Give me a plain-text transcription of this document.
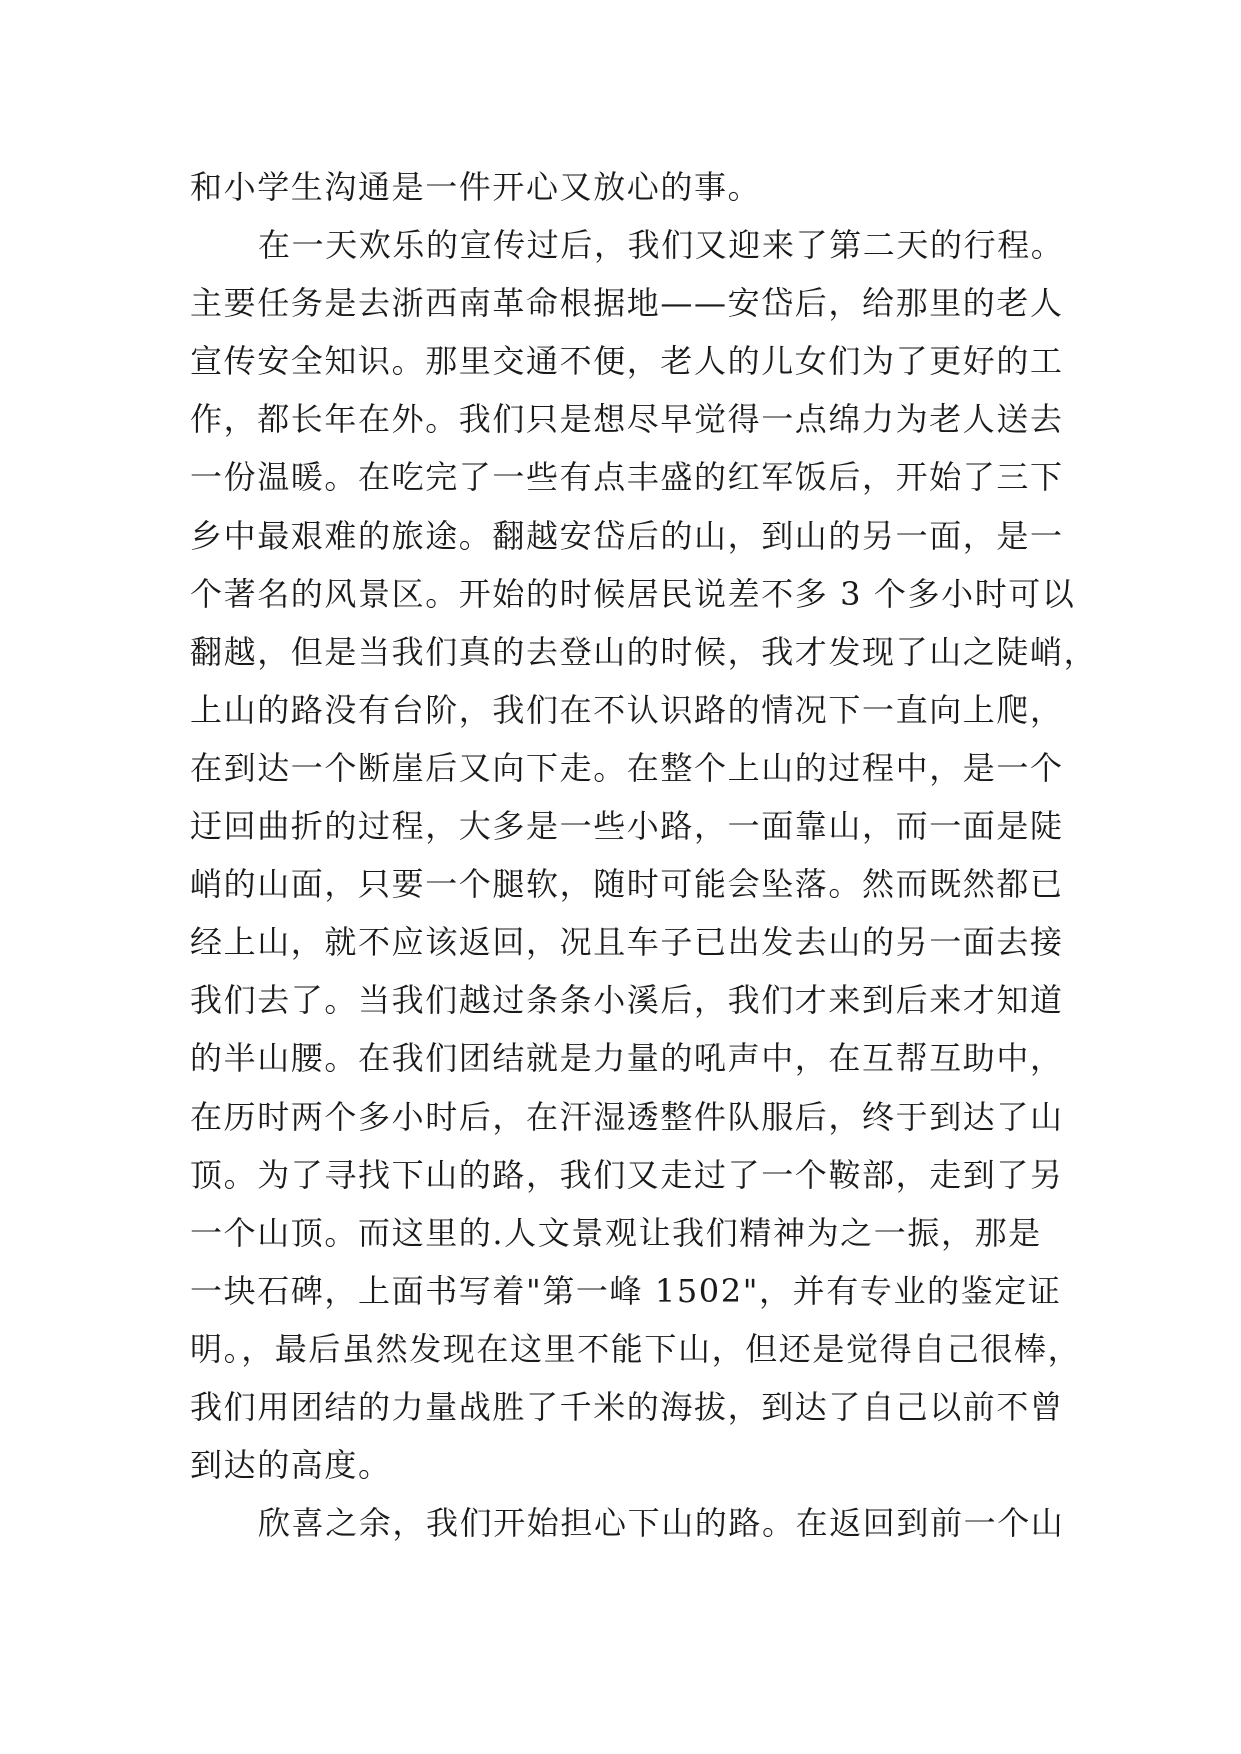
和小学生沟通是一件开心又放心的事。
在一天欢乐的宣传过后，我们又迎来了第二天的行程。
主要任务是去浙西南革命根据地——安岱后，给那里的老人
宣传安全知识。那里交通不便，老人的儿女们为了更好的工
作，都长年在外。我们只是想尽早觉得一点绵力为老人送去
一份温暖。在吃完了一些有点丰盛的红军饭后，开始了三下
乡中最艰难的旅途。翻越安岱后的山，到山的另一面，是一
个著名的风景区。开始的时候居民说差不多 3 个多小时可以
翻越，但是当我们真的去登山的时候，我才发现了山之陡峭，
上山的路没有台阶，我们在不认识路的情况下一直向上爬，
在到达一个断崖后又向下走。在整个上山的过程中，是一个
迂回曲折的过程，大多是一些小路，一面靠山，而一面是陡
峭的山面，只要一个腿软，随时可能会坠落。然而既然都已
经上山，就不应该返回，况且车子已出发去山的另一面去接
我们去了。当我们越过条条小溪后，我们才来到后来才知道
的半山腰。在我们团结就是力量的吼声中，在互帮互助中，
在历时两个多小时后，在汗湿透整件队服后，终于到达了山
顶。为了寻找下山的路，我们又走过了一个鞍部，走到了另
一个山顶。而这里的.人文景观让我们精神为之一振，那是
一块石碑，上面书写着"第一峰 1502"，并有专业的鉴定证
明。，最后虽然发现在这里不能下山，但还是觉得自己很棒，
我们用团结的力量战胜了千米的海拔，到达了自己以前不曾
到达的高度。
欣喜之余，我们开始担心下山的路。在返回到前一个山
